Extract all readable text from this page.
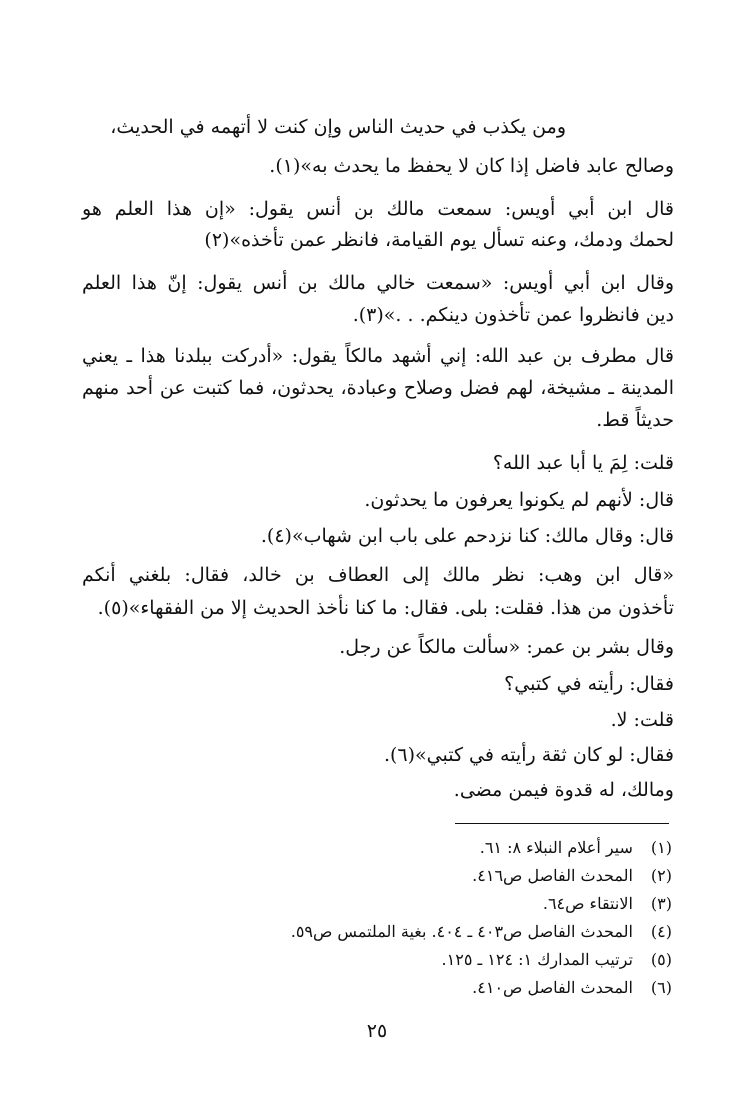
ومن يكذب في حديث الناس وإن كنت لا أتهمه في الحديث،
وصالح عابد فاضل إذا كان لا يحفظ ما يحدث به»(١).
قال ابن أبي أويس: سمعت مالك بن أنس يقول: «إن هذا العلم هو
لحمك ودمك، وعنه تسأل يوم القيامة، فانظر عمن تأخذه»(٢)
وقال ابن أبي أويس: «سمعت خالي مالك بن أنس يقول: إنّ هذا العلم
دين فانظروا عمن تأخذون دينكم. . .»(٣).
قال مطرف بن عبد الله: إني أشهد مالكاً يقول: «أدركت ببلدنا هذا ـ يعني
المدينة ـ مشيخة، لهم فضل وصلاح وعبادة، يحدثون، فما كتبت عن أحد منهم
حديثاً قط.
قلت: لِمَ يا أبا عبد الله؟
قال: لأنهم لم يكونوا يعرفون ما يحدثون.
قال: وقال مالك: كنا نزدحم على باب ابن شهاب»(٤).
«قال ابن وهب: نظر مالك إلى العطاف بن خالد، فقال: بلغني أنكم
تأخذون من هذا. فقلت: بلى. فقال: ما كنا نأخذ الحديث إلا من الفقهاء»(٥).
وقال بشر بن عمر: «سألت مالكاً عن رجل.
فقال: رأيته في كتبي؟
قلت: لا.
فقال: لو كان ثقة رأيته في كتبي»(٦).
ومالك، له قدوة فيمن مضى.
(١) سير أعلام النبلاء ٨: ٦١.
(٢) المحدث الفاصل ص٤١٦.
(٣) الانتقاء ص٦٤.
(٤) المحدث الفاصل ص٤٠٣ ـ ٤٠٤. بغية الملتمس ص٥٩.
(٥) ترتيب المدارك ١: ١٢٤ ـ ١٢٥.
(٦) المحدث الفاصل ص٤١٠.
٢٥
